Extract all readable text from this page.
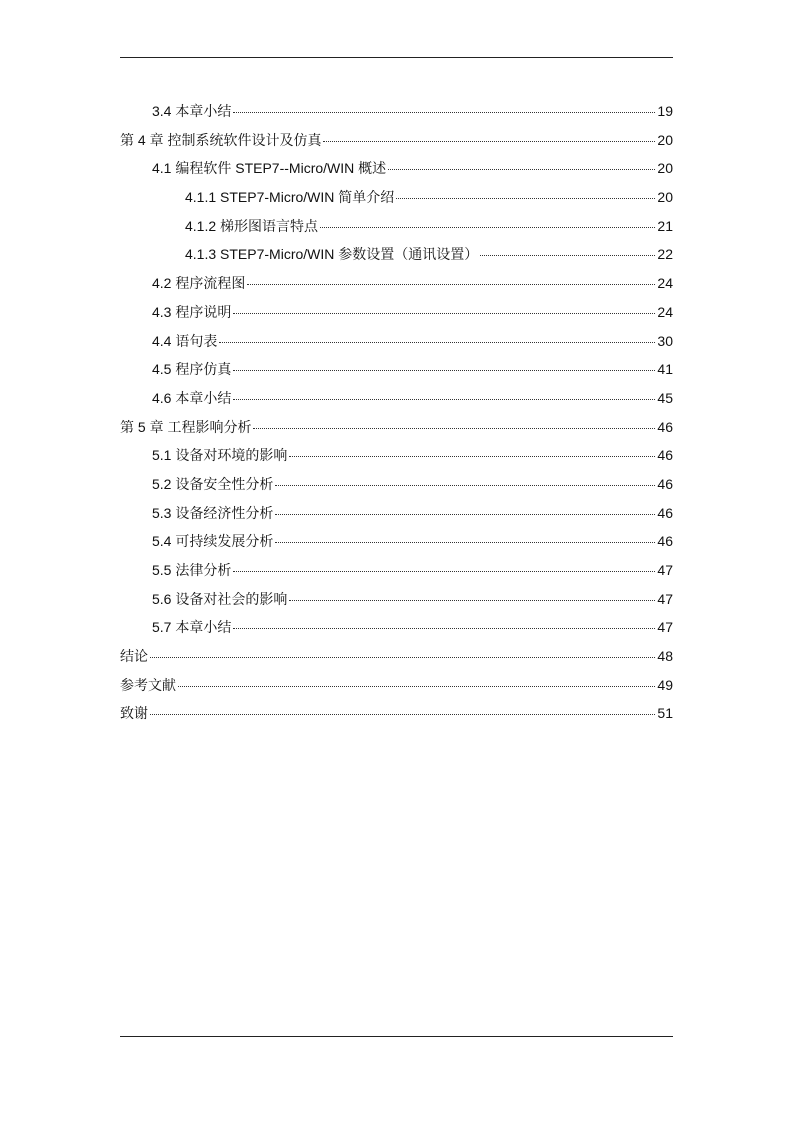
3.4 本章小结	19
第 4 章 控制系统软件设计及仿真	20
4.1 编程软件 STEP7--Micro/WIN 概述	20
4.1.1 STEP7-Micro/WIN 简单介绍	20
4.1.2 梯形图语言特点	21
4.1.3 STEP7-Micro/WIN 参数设置（通讯设置）	22
4.2 程序流程图	24
4.3 程序说明	24
4.4 语句表	30
4.5 程序仿真	41
4.6 本章小结	45
第 5 章 工程影响分析	46
5.1 设备对环境的影响	46
5.2 设备安全性分析	46
5.3 设备经济性分析	46
5.4 可持续发展分析	46
5.5 法律分析	47
5.6 设备对社会的影响	47
5.7 本章小结	47
结论	48
参考文献	49
致谢	51
